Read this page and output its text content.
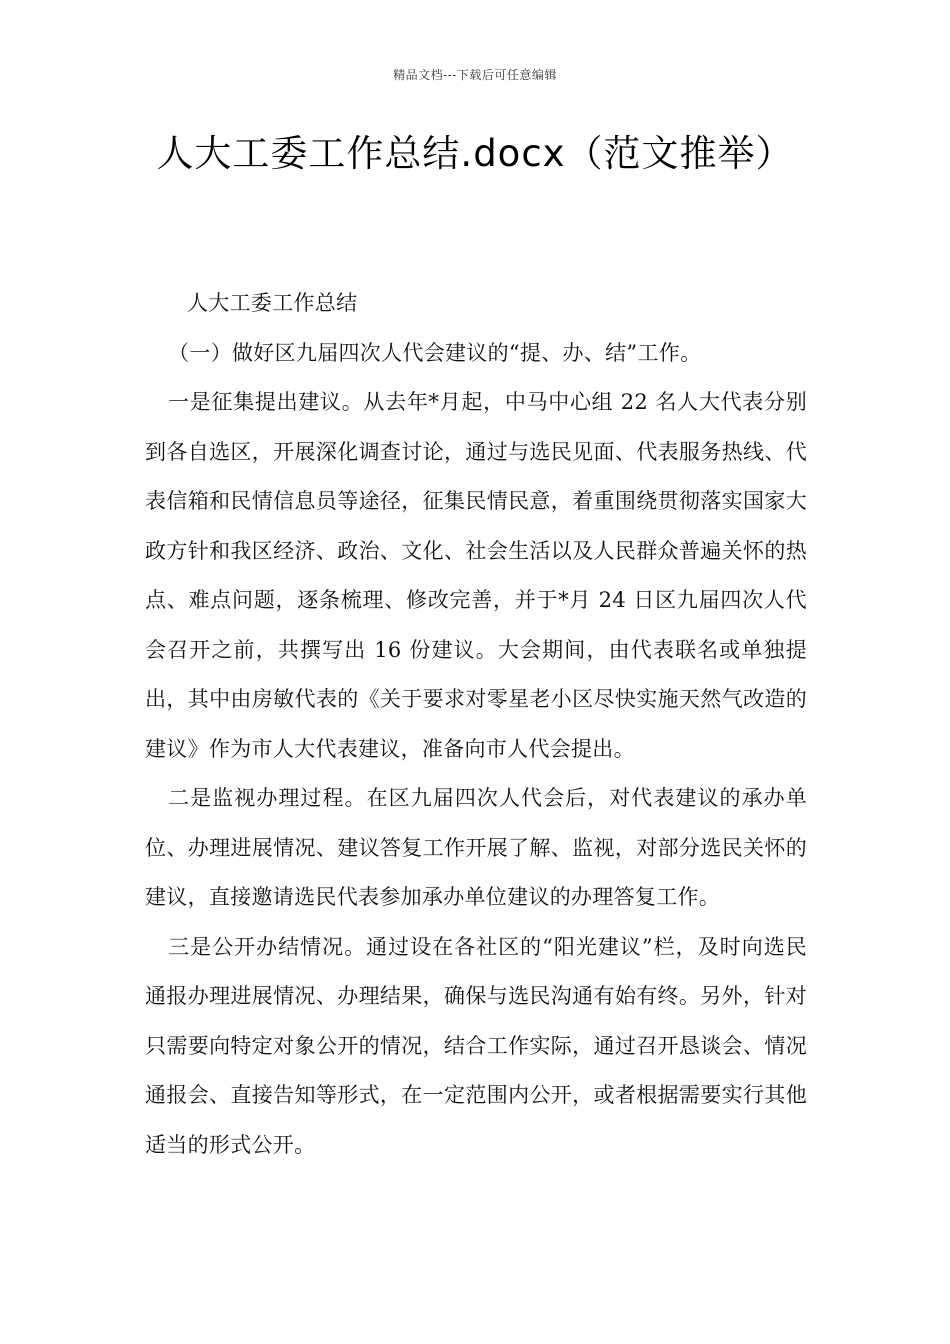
精品文档---下载后可任意编辑
人大工委工作总结.docx（范文推举）

人大工委工作总结

（一）做好区九届四次人代会建议的“提、办、结”工作。

一是征集提出建议。从去年*月起，中马中心组 22 名人大代表分别到各自选区，开展深化调查讨论，通过与选民见面、代表服务热线、代表信箱和民情信息员等途径，征集民情民意，着重围绕贯彻落实国家大政方针和我区经济、政治、文化、社会生活以及人民群众普遍关怀的热点、难点问题，逐条梳理、修改完善，并于*月 24 日区九届四次人代会召开之前，共撰写出 16 份建议。大会期间，由代表联名或单独提出，其中由房敏代表的《关于要求对零星老小区尽快实施天然气改造的建议》作为市人大代表建议，准备向市人代会提出。

二是监视办理过程。在区九届四次人代会后，对代表建议的承办单位、办理进展情况、建议答复工作开展了解、监视，对部分选民关怀的建议，直接邀请选民代表参加承办单位建议的办理答复工作。

三是公开办结情况。通过设在各社区的“阳光建议”栏，及时向选民通报办理进展情况、办理结果，确保与选民沟通有始有终。另外，针对只需要向特定对象公开的情况，结合工作实际，通过召开恳谈会、情况通报会、直接告知等形式，在一定范围内公开，或者根据需要实行其他适当的形式公开。
